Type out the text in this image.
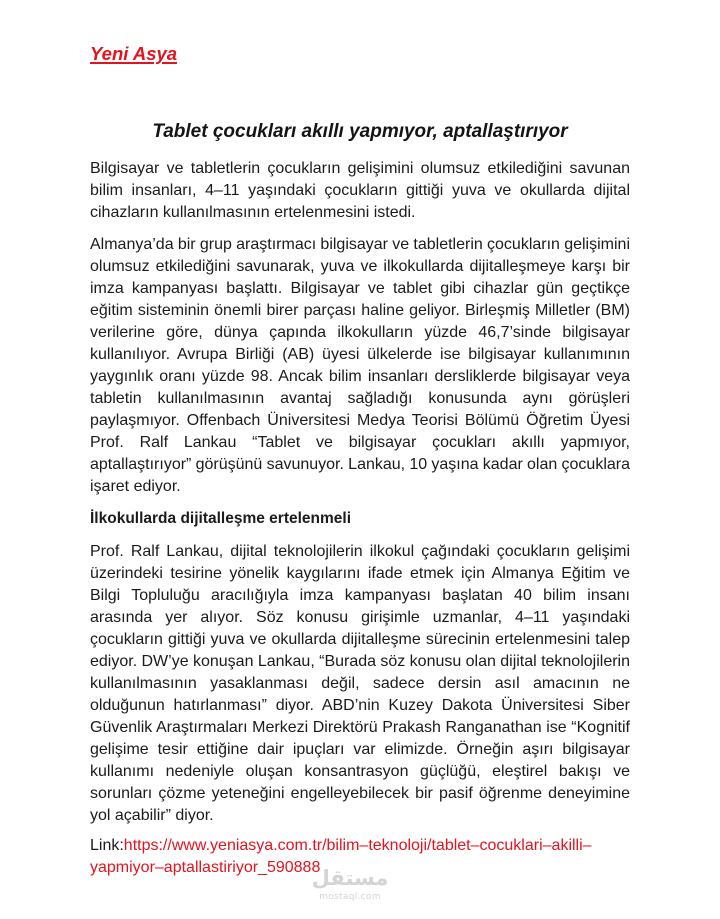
Yeni Asya
Tablet çocukları akıllı yapmıyor, aptallaştırıyor
Bilgisayar ve tabletlerin çocukların gelişimini olumsuz etkilediğini savunan
bilim insanları, 4–11 yaşındaki çocukların gittiği yuva ve okullarda dijital
cihazların kullanılmasının ertelenmesini istedi.
Almanya’da bir grup araştırmacı bilgisayar ve tabletlerin çocukların gelişimini
olumsuz etkilediğini savunarak, yuva ve ilkokullarda dijitalleşmeye karşı bir
imza kampanyası başlattı. Bilgisayar ve tablet gibi cihazlar gün geçtikçe
eğitim sisteminin önemli birer parçası haline geliyor. Birleşmiş Milletler (BM)
verilerine göre, dünya çapında ilkokulların yüzde 46,7’sinde bilgisayar
kullanılıyor. Avrupa Birliği (AB) üyesi ülkelerde ise bilgisayar kullanımının
yaygınlık oranı yüzde 98. Ancak bilim insanları dersliklerde bilgisayar veya
tabletin kullanılmasının avantaj sağladığı konusunda aynı görüşleri
paylaşmıyor. Offenbach Üniversitesi Medya Teorisi Bölümü Öğretim Üyesi
Prof. Ralf Lankau “Tablet ve bilgisayar çocukları akıllı yapmıyor,
aptallaştırıyor” görüşünü savunuyor. Lankau, 10 yaşına kadar olan çocuklara
işaret ediyor.
İlkokullarda dijitalleşme ertelenmeli
Prof. Ralf Lankau, dijital teknolojilerin ilkokul çağındaki çocukların gelişimi
üzerindeki tesirine yönelik kaygılarını ifade etmek için Almanya Eğitim ve
Bilgi Topluluğu aracılığıyla imza kampanyası başlatan 40 bilim insanı
arasında yer alıyor. Söz konusu girişimle uzmanlar, 4–11 yaşındaki
çocukların gittiği yuva ve okullarda dijitalleşme sürecinin ertelenmesini talep
ediyor. DW’ye konuşan Lankau, “Burada söz konusu olan dijital teknolojilerin
kullanılmasının yasaklanması değil, sadece dersin asıl amacının ne
olduğunun hatırlanması” diyor. ABD’nin Kuzey Dakota Üniversitesi Siber
Güvenlik Araştırmaları Merkezi Direktörü Prakash Ranganathan ise “Kognitif
gelişime tesir ettiğine dair ipuçları var elimizde. Örneğin aşırı bilgisayar
kullanımı nedeniyle oluşan konsantrasyon güçlüğü, eleştirel bakışı ve
sorunları çözme yeteneğini engelleyebilecek bir pasif öğrenme deneyimine
yol açabilir” diyor.
Link:https://www.yeniasya.com.tr/bilim–teknoloji/tablet–cocuklari–akilli–
yapmiyor–aptallastiriyor_590888
مستقل
mostaql.com
